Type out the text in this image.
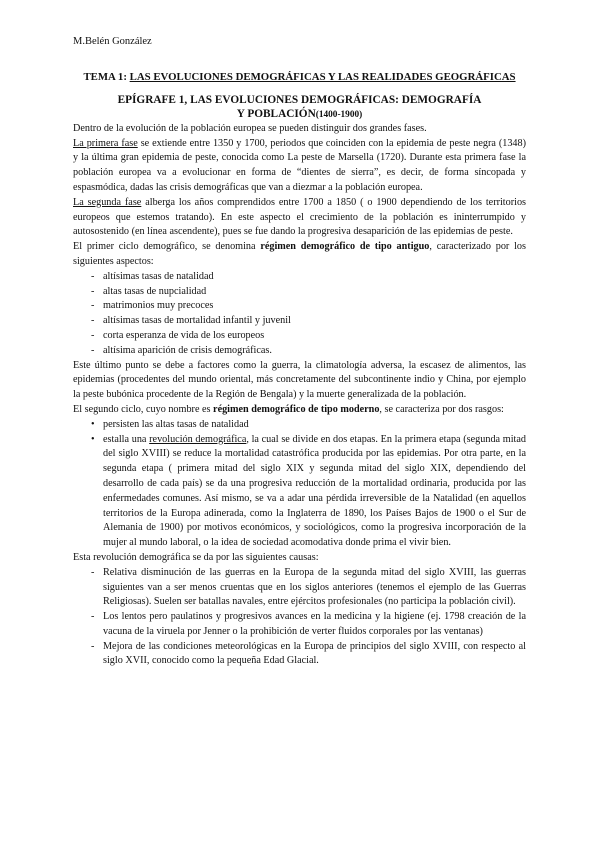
M.Belén González
TEMA 1: LAS EVOLUCIONES DEMOGRÁFICAS Y LAS REALIDADES GEOGRÁFICAS
EPÍGRAFE 1, LAS EVOLUCIONES DEMOGRÁFICAS: DEMOGRAFÍA Y POBLACIÓN(1400-1900)

Dentro de la evolución de la población europea se pueden distinguir dos grandes fases.

La primera fase se extiende entre 1350 y 1700, periodos que coinciden con la epidemia de peste negra (1348) y la última gran epidemia de peste, conocida como La peste de Marsella (1720). Durante esta primera fase la población europea va a evolucionar en forma de “dientes de sierra”, es decir, de forma síncopada y espasmódica, dadas las crisis demográficas que van a diezmar a la población europea.

La segunda fase alberga los años comprendidos entre 1700 a 1850 ( o 1900 dependiendo de los territorios europeos que estemos tratando). En este aspecto el crecimiento de la población es ininterrumpido y autosostenido (en línea ascendente), pues se fue dando la progresiva desaparición de las epidemias de peste.

El primer ciclo demográfico, se denomina régimen demográfico de tipo antiguo, caracterizado por los siguientes aspectos:

- altísimas tasas de natalidad
- altas tasas de nupcialidad
- matrimonios muy precoces
- altísimas tasas de mortalidad infantil y juvenil
- corta esperanza de vida de los europeos
- altísima aparición de crisis demográficas.

Este último punto se debe a factores como la guerra, la climatología adversa, la escasez de alimentos, las epidemias (procedentes del mundo oriental, más concretamente del subcontinente indio y China, por ejemplo la peste bubónica procedente de la Región de Bengala) y la muerte generalizada de la población.

El segundo ciclo, cuyo nombre es régimen demográfico de tipo moderno, se caracteriza por dos rasgos:

• persisten las altas tasas de natalidad
• estalla una revolución demográfica, la cual se divide en dos etapas. En la primera etapa (segunda mitad del siglo XVIII) se reduce la mortalidad catastrófica producida por las epidemias. Por otra parte, en la segunda etapa ( primera mitad del siglo XIX y segunda mitad del siglo XIX, dependiendo del desarrollo de cada país) se da una progresiva reducción de la mortalidad ordinaria, producida por las enfermedades comunes. Así mismo, se va a adar una pérdida irreversible de la Natalidad (en aquellos territorios de la Europa adinerada, como la Inglaterra de 1890, los Países Bajos de 1900 o el Sur de Alemania de 1900) por motivos económicos, y sociológicos, como la progresiva incorporación de la mujer al mundo laboral, o la idea de sociedad acomodativa donde prima el vivir bien.

Esta revolución demográfica se da por las siguientes causas:

- Relativa disminución de las guerras en la Europa de la segunda mitad del siglo XVIII, las guerras siguientes van a ser menos cruentas que en los siglos anteriores (tenemos el ejemplo de las Guerras Religiosas). Suelen ser batallas navales, entre ejércitos profesionales (no participa la población civil).
- Los lentos pero paulatinos y progresivos avances en la medicina y la higiene (ej. 1798 creación de la vacuna de la viruela por Jenner o la prohibición de verter fluidos corporales por las ventanas)
- Mejora de las condiciones meteorológicas en la Europa de principios del siglo XVIII, con respecto al siglo XVII, conocido como la pequeña Edad Glacial.
